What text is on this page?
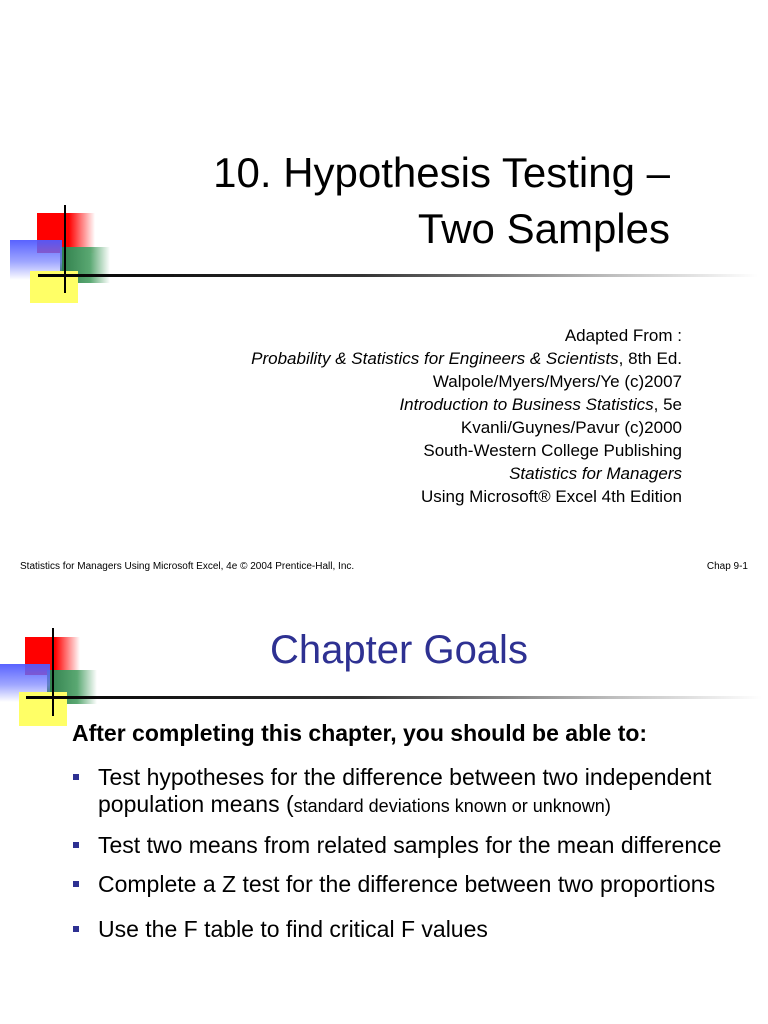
10. Hypothesis Testing –
Two Samples
Adapted From :
Probability & Statistics for Engineers & Scientists, 8th Ed.
Walpole/Myers/Myers/Ye (c)2007
Introduction to Business Statistics, 5e
Kvanli/Guynes/Pavur (c)2000
South-Western College Publishing
Statistics for Managers
Using Microsoft® Excel 4th Edition
Statistics for Managers Using Microsoft Excel, 4e © 2004 Prentice-Hall, Inc.	Chap 9-1
Chapter Goals
After completing this chapter, you should be able to:
Test hypotheses for the difference between two independent population means (standard deviations known or unknown)
Test two means from related samples for the mean difference
Complete a Z test for the difference between two proportions
Use the F table to find critical F values
